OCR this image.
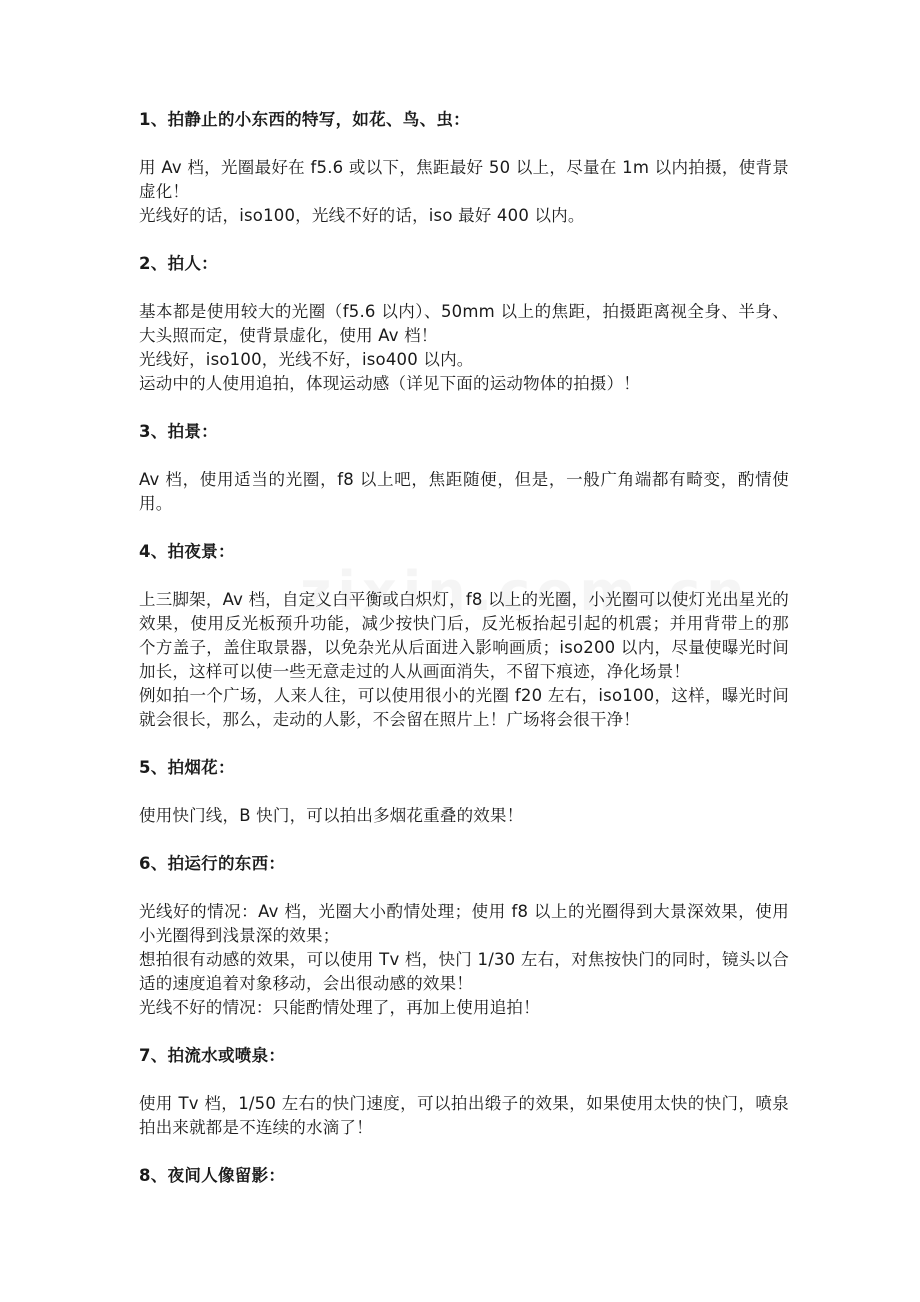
1、拍静止的小东西的特写，如花、鸟、虫：

用 Av 档，光圈最好在 f5.6 或以下，焦距最好 50 以上，尽量在 1m 以内拍摄，使背景虚化！

光线好的话，iso100，光线不好的话，iso 最好 400 以内。

2、拍人：

基本都是使用较大的光圈（f5.6 以内）、50mm 以上的焦距，拍摄距离视全身、半身、大头照而定，使背景虚化，使用 Av 档！

光线好，iso100，光线不好，iso400 以内。

运动中的人使用追拍，体现运动感（详见下面的运动物体的拍摄）！

3、拍景：

Av 档，使用适当的光圈，f8 以上吧，焦距随便，但是，一般广角端都有畸变，酌情使用。

4、拍夜景：

上三脚架，Av 档，自定义白平衡或白炽灯，f8 以上的光圈，小光圈可以使灯光出星光的效果，使用反光板预升功能，减少按快门后，反光板抬起引起的机震；并用背带上的那个方盖子，盖住取景器，以免杂光从后面进入影响画质；iso200 以内，尽量使曝光时间加长，这样可以使一些无意走过的人从画面消失，不留下痕迹，净化场景！

例如拍一个广场，人来人往，可以使用很小的光圈 f20 左右，iso100，这样，曝光时间就会很长，那么，走动的人影，不会留在照片上！广场将会很干净！

5、拍烟花：

使用快门线，B 快门，可以拍出多烟花重叠的效果！

6、拍运行的东西：

光线好的情况：Av 档，光圈大小酌情处理；使用 f8 以上的光圈得到大景深效果，使用小光圈得到浅景深的效果；

想拍很有动感的效果，可以使用 Tv 档，快门 1/30 左右，对焦按快门的同时，镜头以合适的速度追着对象移动，会出很动感的效果！

光线不好的情况：只能酌情处理了，再加上使用追拍！

7、拍流水或喷泉：

使用 Tv 档，1/50 左右的快门速度，可以拍出缎子的效果，如果使用太快的快门，喷泉拍出来就都是不连续的水滴了！

8、夜间人像留影：
